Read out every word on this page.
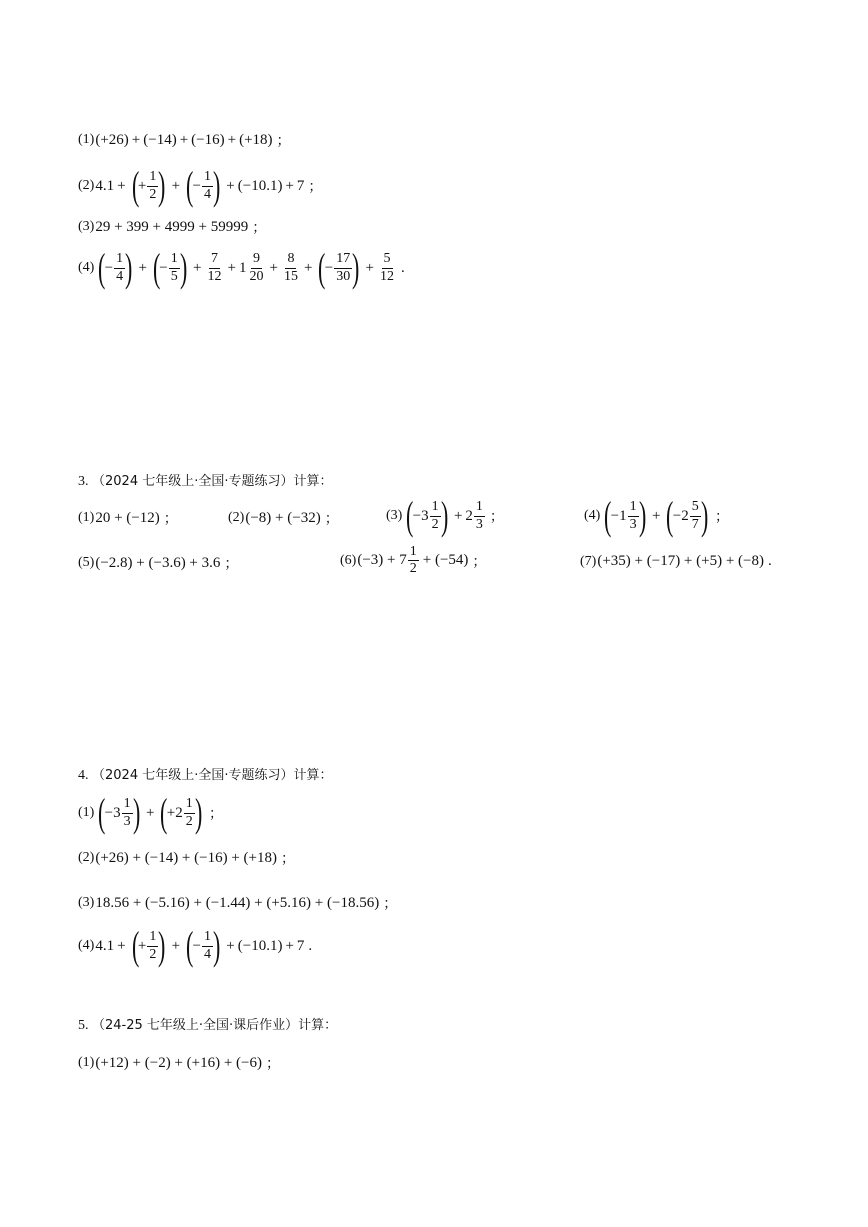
(1) (+26) + (−14) + (−16) + (+18) ；
(2) 4.1 + (
+ $\frac{1}{2}$ ) + (
− $\frac{1}{4}$ ) + (−10.1) + 7 ；
(3) 29 + 399 + 4999 + 59999 ；
(4) (
− $\frac{1}{4}$ ) + (
− $\frac{1}{5}$ ) + $\frac{7}{12} + 1 \frac{9}{20} + \frac{8}{15}$ + (
− $\frac{17}{30}$ ) + $\frac{5}{12}$ .
3. （2024 七年级上·全国·专题练习）计算：
(1) 20 + (−12) ；	(2) (−8) + (−32) ；	(3) (
$-3 \frac{1}{2}$ ) + $2 \frac{1}{3}$ ；	(4) (
$-1 \frac{1}{3}$ ) + (
$-2 \frac{5}{7}$ ) ；
(5) (−2.8) + (−3.6) + 3.6 ；	(6) $(-3) + 7 \frac{1}{2} + (-54)$ ；	(7) (+35) + (−17) + (+5) + (−8) .
4. （2024 七年级上·全国·专题练习）计算：
(1) (
$-3 \frac{1}{3}$ ) + (
$+2 \frac{1}{2}$ ) ；
(2) (+26) + (−14) + (−16) + (+18) ；
(3) 18.56 + (−5.16) + (−1.44) + (+5.16) + (−18.56) ；
(4) 4.1 + (
+ $\frac{1}{2}$ ) + (
− $\frac{1}{4}$ ) + (−10.1) + 7 .
5. （24-25 七年级上·全国·课后作业）计算：
(1) (+12) + (−2) + (+16) + (−6) ；
